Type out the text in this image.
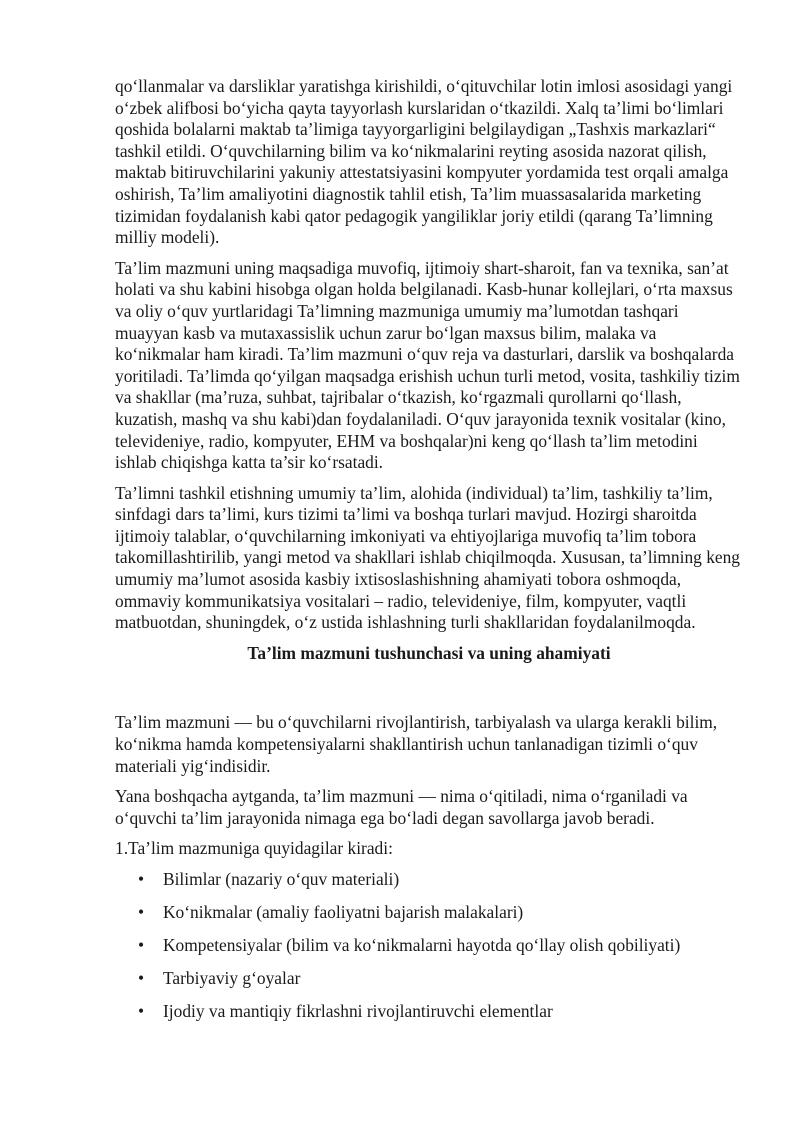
qo‘llanmalar va darsliklar yaratishga kirishildi, o‘qituvchilar lotin imlosi asosidagi yangi o‘zbek alifbosi bo‘yicha qayta tayyorlash kurslaridan o‘tkazildi. Xalq ta’limi bo‘limlari qoshida bolalarni maktab ta’limiga tayyorgarligini belgilaydigan „Tashxis markazlari“ tashkil etildi. O‘quvchilarning bilim va ko‘nikmalarini reyting asosida nazorat qilish, maktab bitiruvchilarini yakuniy attestatsiyasini kompyuter yordamida test orqali amalga oshirish, Ta’lim amaliyotini diagnostik tahlil etish, Ta’lim muassasalarida marketing tizimidan foydalanish kabi qator pedagogik yangiliklar joriy etildi (qarang Ta’limning milliy modeli).

Ta’lim mazmuni uning maqsadiga muvofiq, ijtimoiy shart-sharoit, fan va texnika, san’at holati va shu kabini hisobga olgan holda belgilanadi. Kasb-hunar kollejlari, o‘rta maxsus va oliy o‘quv yurtlaridagi Ta’limning mazmuniga umumiy ma’lumotdan tashqari muayyan kasb va mutaxassislik uchun zarur bo‘lgan maxsus bilim, malaka va ko‘nikmalar ham kiradi. Ta’lim mazmuni o‘quv reja va dasturlari, darslik va boshqalarda yoritiladi. Ta’limda qo‘yilgan maqsadga erishish uchun turli metod, vosita, tashkiliy tizim va shakllar (ma’ruza, suhbat, tajribalar o‘tkazish, ko‘rgazmali qurollarni qo‘llash, kuzatish, mashq va shu kabi)dan foydalaniladi. O‘quv jarayonida texnik vositalar (kino, televideniye, radio, kompyuter, EHM va boshqalar)ni keng qo‘llash ta’lim metodini ishlab chiqishga katta ta’sir ko‘rsatadi.

Ta’limni tashkil etishning umumiy ta’lim, alohida (individual) ta’lim, tashkiliy ta’lim, sinfdagi dars ta’limi, kurs tizimi ta’limi va boshqa turlari mavjud. Hozirgi sharoitda ijtimoiy talablar, o‘quvchilarning imkoniyati va ehtiyojlariga muvofiq ta’lim tobora takomillashtirilib, yangi metod va shakllari ishlab chiqilmoqda. Xususan, ta’limning keng umumiy ma’lumot asosida kasbiy ixtisoslashishning ahamiyati tobora oshmoqda, ommaviy kommunikatsiya vositalari – radio, televideniye, film, kompyuter, vaqtli matbuotdan, shuningdek, o‘z ustida ishlashning turli shakllaridan foydalanilmoqda.

Ta’lim mazmuni tushunchasi va uning ahamiyati

Ta’lim mazmuni — bu o‘quvchilarni rivojlantirish, tarbiyalash va ularga kerakli bilim, ko‘nikma hamda kompetensiyalarni shakllantirish uchun tanlanadigan tizimli o‘quv materiali yig‘indisidir.

Yana boshqacha aytganda, ta’lim mazmuni — nima o‘qitiladi, nima o‘rganiladi va o‘quvchi ta’lim jarayonida nimaga ega bo‘ladi degan savollarga javob beradi.

1.Ta’lim mazmuniga quyidagilar kiradi:

• Bilimlar (nazariy o‘quv materiali)
• Ko‘nikmalar (amaliy faoliyatni bajarish malakalari)
• Kompetensiyalar (bilim va ko‘nikmalarni hayotda qo‘llay olish qobiliyati)
• Tarbiyaviy g‘oyalar
• Ijodiy va mantiqiy fikrlashni rivojlantiruvchi elementlar
